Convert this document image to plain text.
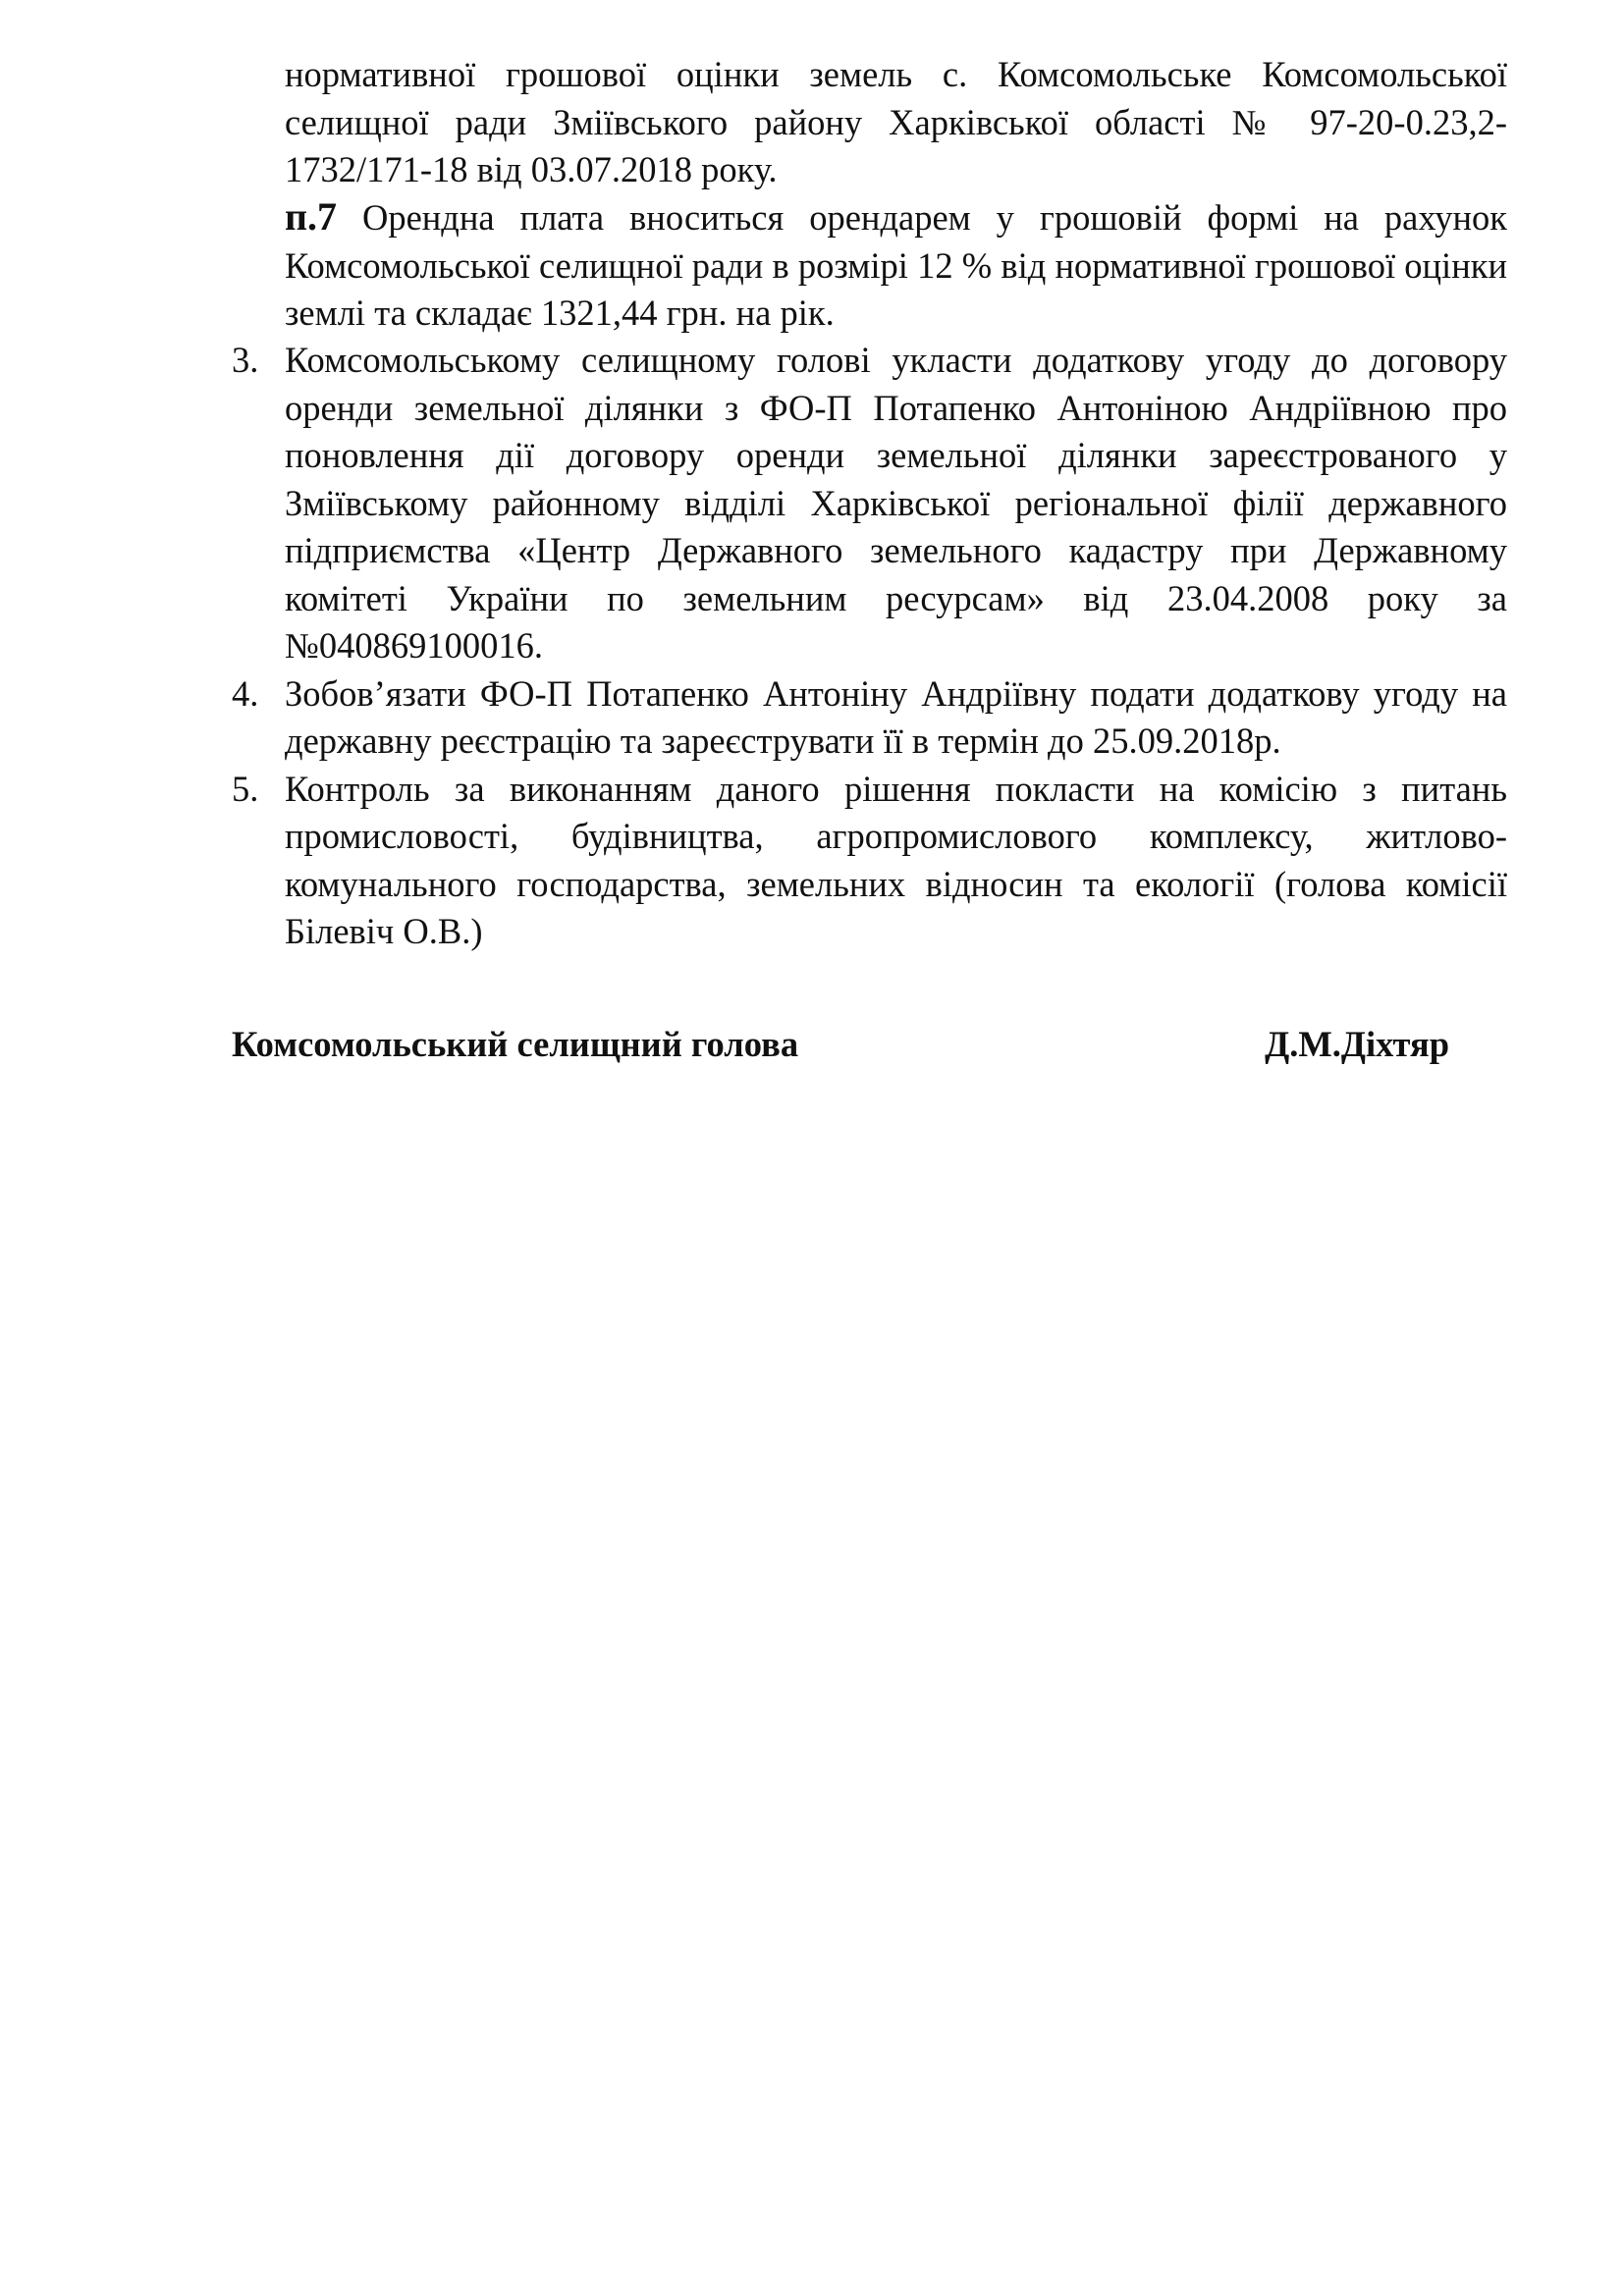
нормативної грошової оцінки земель с. Комсомольське Комсомольської селищної ради Зміївського району Харківської області № 97-20-0.23,2-1732/171-18 від 03.07.2018 року.
п.7 Орендна плата вноситься орендарем у грошовій формі на рахунок Комсомольської селищної ради в розмірі 12 % від нормативної грошової оцінки землі та складає 1321,44 грн. на рік.
3. Комсомольському селищному голові укласти додаткову угоду до договору оренди земельної ділянки з ФО-П Потапенко Антоніною Андріївною про поновлення дії договору оренди земельної ділянки зареєстрованого у Зміївському районному відділі Харківської регіональної філії державного підприємства «Центр Державного земельного кадастру при Державному комітеті України по земельним ресурсам» від 23.04.2008 року за №040869100016.
4. Зобов’язати ФО-П Потапенко Антоніну Андріївну подати додаткову угоду на державну реєстрацію та зареєструвати її в термін до 25.09.2018р.
5. Контроль за виконанням даного рішення покласти на комісію з питань промисловості, будівництва, агропромислового комплексу, житлово-комунального господарства, земельних відносин та екології (голова комісії Білевіч О.В.)
Комсомольський селищний голова	Д.М.Діхтяр
